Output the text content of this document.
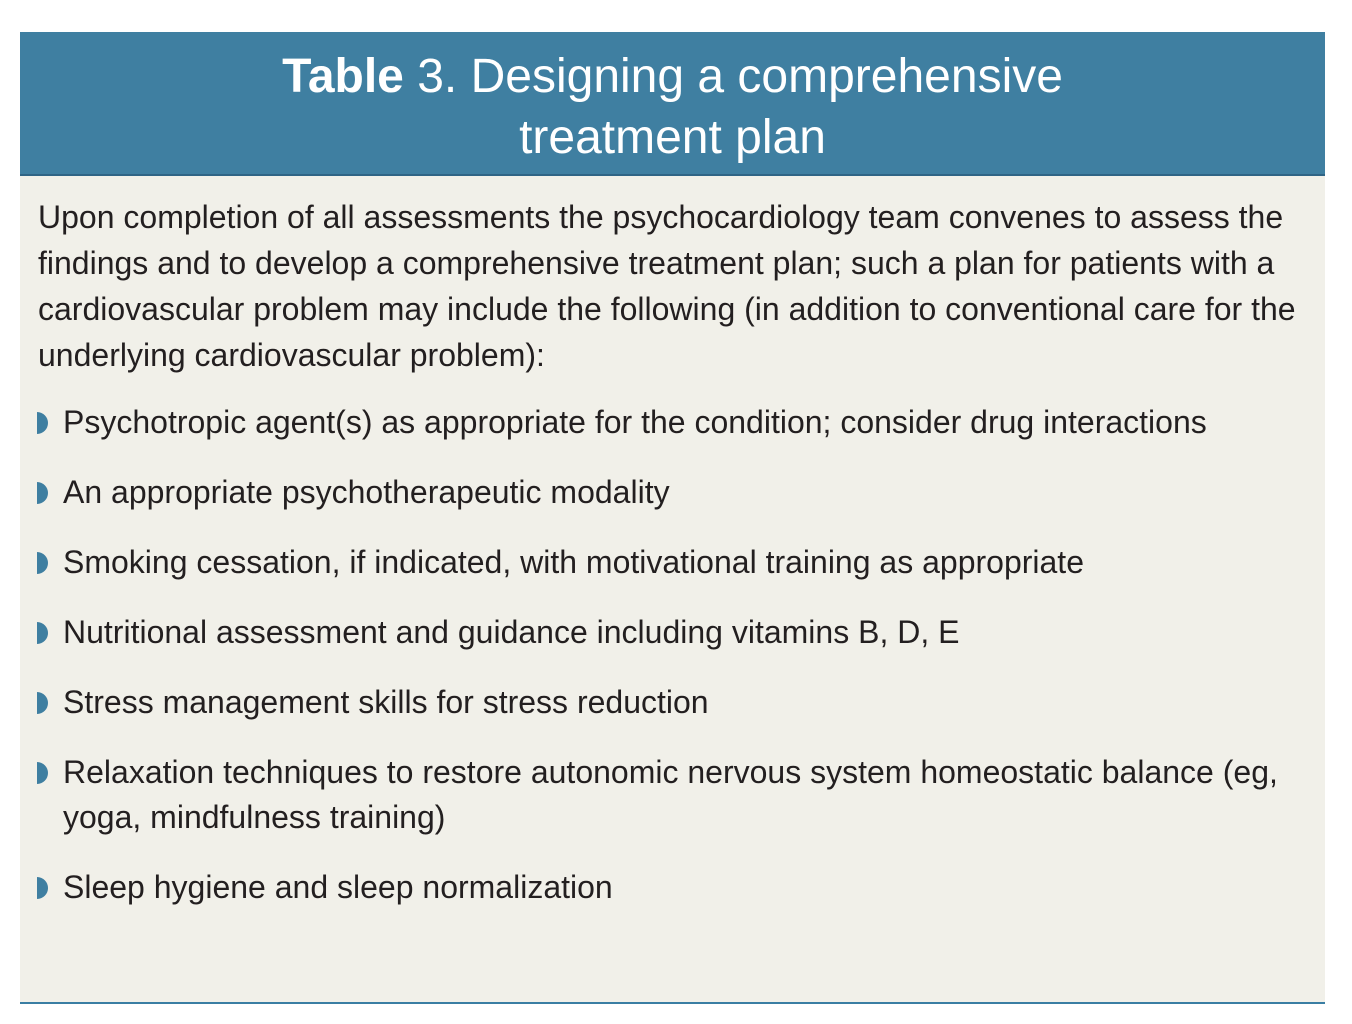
Table 3. Designing a comprehensive
treatment plan

Upon completion of all assessments the psychocardiology team convenes to assess the findings and to develop a comprehensive treatment plan; such a plan for patients with a cardiovascular problem may include the following (in addition to conventional care for the underlying cardiovascular problem):

Psychotropic agent(s) as appropriate for the condition; consider drug interactions
An appropriate psychotherapeutic modality
Smoking cessation, if indicated, with motivational training as appropriate
Nutritional assessment and guidance including vitamins B, D, E
Stress management skills for stress reduction
Relaxation techniques to restore autonomic nervous system homeostatic balance (eg, yoga, mindfulness training)
Sleep hygiene and sleep normalization
